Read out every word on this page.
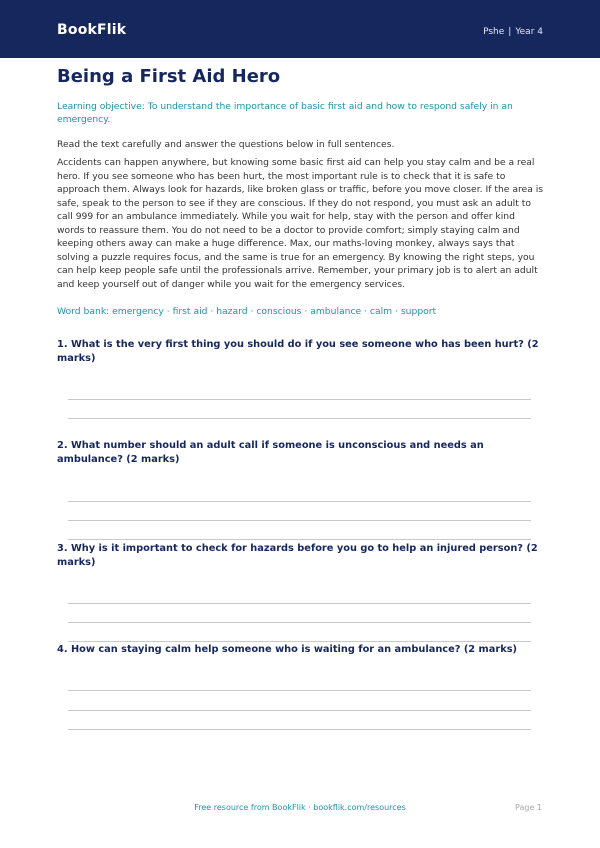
BookFlik	Pshe | Year 4
Being a First Aid Hero
Learning objective: To understand the importance of basic first aid and how to respond safely in an emergency.
Read the text carefully and answer the questions below in full sentences.
Accidents can happen anywhere, but knowing some basic first aid can help you stay calm and be a real hero. If you see someone who has been hurt, the most important rule is to check that it is safe to approach them. Always look for hazards, like broken glass or traffic, before you move closer. If the area is safe, speak to the person to see if they are conscious. If they do not respond, you must ask an adult to call 999 for an ambulance immediately. While you wait for help, stay with the person and offer kind words to reassure them. You do not need to be a doctor to provide comfort; simply staying calm and keeping others away can make a huge difference. Max, our maths-loving monkey, always says that solving a puzzle requires focus, and the same is true for an emergency. By knowing the right steps, you can help keep people safe until the professionals arrive. Remember, your primary job is to alert an adult and keep yourself out of danger while you wait for the emergency services.
Word bank: emergency · first aid · hazard · conscious · ambulance · calm · support
1. What is the very first thing you should do if you see someone who has been hurt? (2 marks)
2. What number should an adult call if someone is unconscious and needs an ambulance? (2 marks)
3. Why is it important to check for hazards before you go to help an injured person? (2 marks)
4. How can staying calm help someone who is waiting for an ambulance? (2 marks)
Free resource from BookFlik · bookflik.com/resources	Page 1
